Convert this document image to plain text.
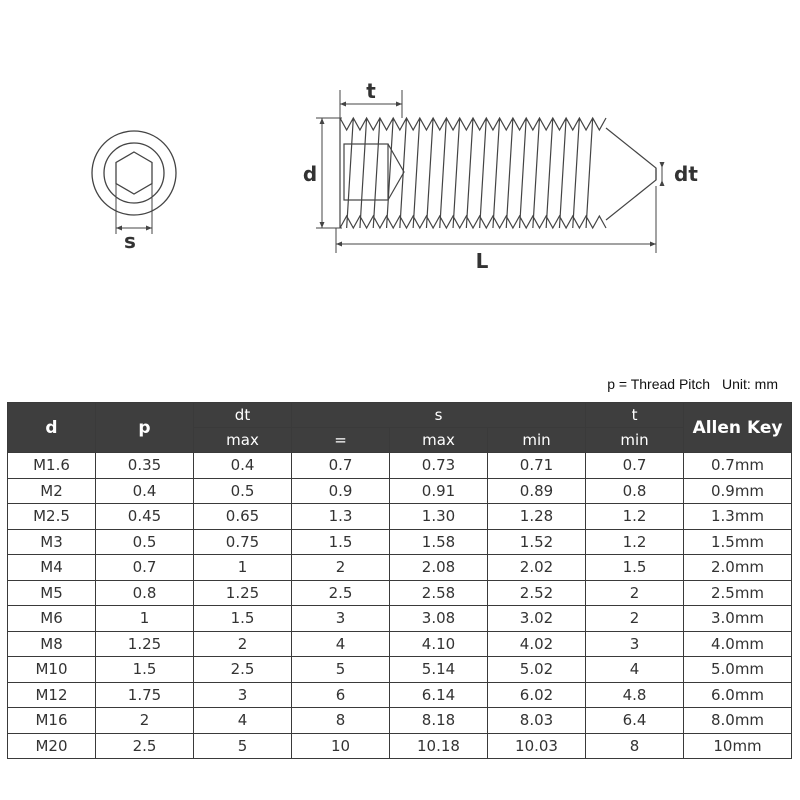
s
t
d	dt
L
p = Thread Pitch Unit: mm
d	p	dt	s			t	Allen Key
		max	=	max	min	min	
M1.6	0.35	0.4	0.7	0.73	0.71	0.7	0.7mm
M2	0.4	0.5	0.9	0.91	0.89	0.8	0.9mm
M2.5	0.45	0.65	1.3	1.30	1.28	1.2	1.3mm
M3	0.5	0.75	1.5	1.58	1.52	1.2	1.5mm
M4	0.7	1	2	2.08	2.02	1.5	2.0mm
M5	0.8	1.25	2.5	2.58	2.52	2	2.5mm
M6	1	1.5	3	3.08	3.02	2	3.0mm
M8	1.25	2	4	4.10	4.02	3	4.0mm
M10	1.5	2.5	5	5.14	5.02	4	5.0mm
M12	1.75	3	6	6.14	6.02	4.8	6.0mm
M16	2	4	8	8.18	8.03	6.4	8.0mm
M20	2.5	5	10	10.18	10.03	8	10mm
